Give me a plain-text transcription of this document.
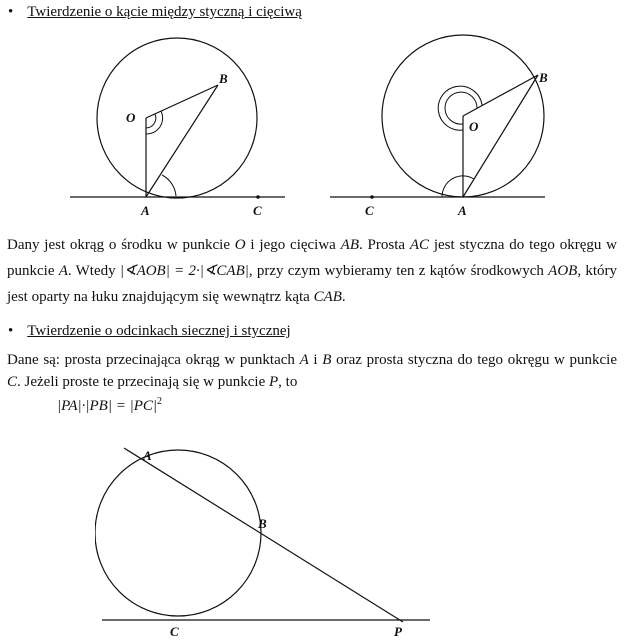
• Twierdzenie o kącie między styczną i cięciwą
B
O
A	C
B
O
A
C
Dany jest okrąg o środku w punkcie O i jego cięciwa AB. Prosta AC jest styczna do tego okręgu w punkcie A. Wtedy |∢AOB| = 2·|∢CAB|, przy czym wybieramy ten z kątów środkowych AOB, który jest oparty na łuku znajdującym się wewnątrz kąta CAB.
• Twierdzenie o odcinkach siecznej i stycznej
Dane są: prosta przecinająca okrąg w punktach A i B oraz prosta styczna do tego okręgu w punkcie C. Jeżeli proste te przecinają się w punkcie P, to
$|PA|\cdot|PB| = |PC|^2$
A
B
C	P
